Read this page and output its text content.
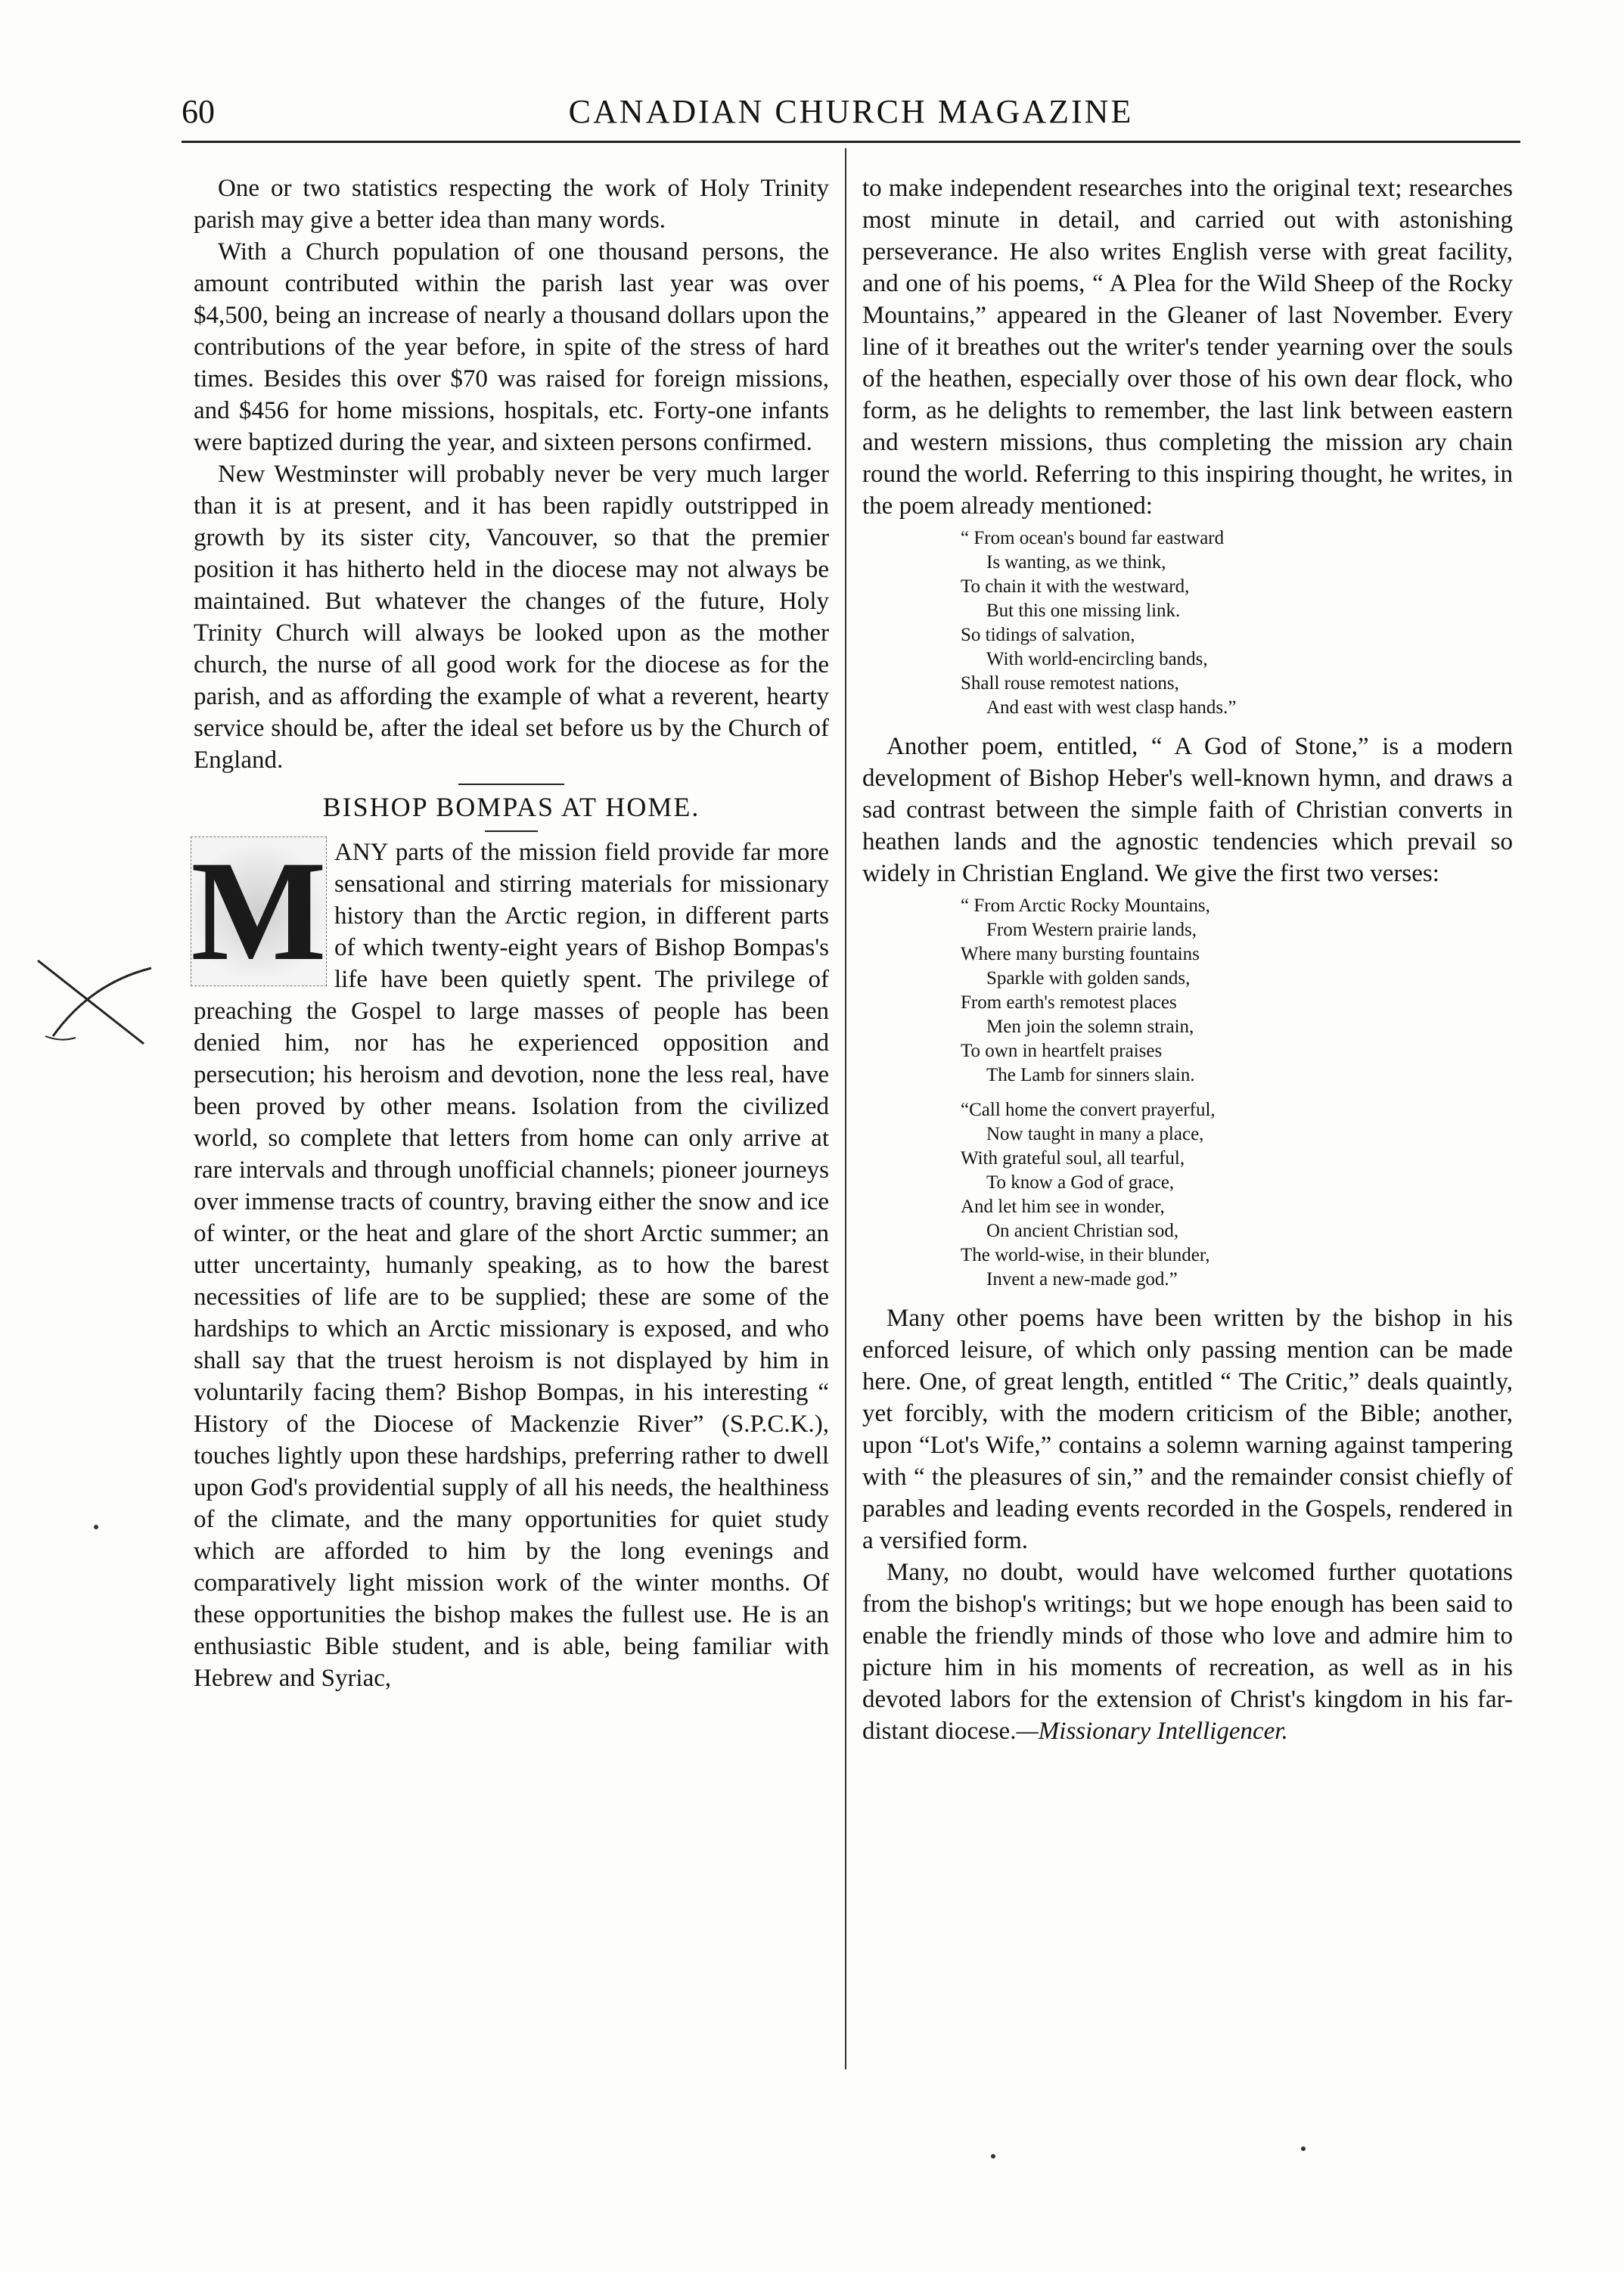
60	CANADIAN CHURCH MAGAZINE

One or two statistics respecting the work of Holy Trinity parish may give a better idea than many words.

With a Church population of one thousand persons, the amount contributed within the parish last year was over $4,500, being an increase of nearly a thousand dollars upon the contributions of the year before, in spite of the stress of hard times. Besides this over $70 was raised for foreign missions, and $456 for home missions, hospitals, etc. Forty-one infants were baptized during the year, and sixteen persons confirmed.

New Westminster will probably never be very much larger than it is at present, and it has been rapidly outstripped in growth by its sister city, Vancouver, so that the premier position it has hitherto held in the diocese may not always be maintained. But whatever the changes of the future, Holy Trinity Church will always be looked upon as the mother church, the nurse of all good work for the diocese as for the parish, and as affording the example of what a reverent, hearty service should be, after the ideal set before us by the Church of England.

BISHOP BOMPAS AT HOME.
M ANY parts of the mission field provide far more sensational and stirring materials for missionary history than the Arctic region, in different parts of which twenty-eight years of Bishop Bompas's life have been quietly spent. The privilege of preaching the Gospel to large masses of people has been denied him, nor has he experienced opposition and persecution; his heroism and devotion, none the less real, have been proved by other means. Isolation from the civilized world, so complete that letters from home can only arrive at rare intervals and through unofficial channels; pioneer journeys over immense tracts of country, braving either the snow and ice of winter, or the heat and glare of the short Arctic summer; an utter uncertainty, humanly speaking, as to how the barest necessities of life are to be supplied; these are some of the hardships to which an Arctic missionary is exposed, and who shall say that the truest heroism is not displayed by him in voluntarily facing them? Bishop Bompas, in his interesting “ History of the Diocese of Mackenzie River” (S.P.C.K.), touches lightly upon these hardships, preferring rather to dwell upon God's providential supply of all his needs, the healthiness of the climate, and the many opportunities for quiet study which are afforded to him by the long evenings and comparatively light mission work of the winter months. Of these opportunities the bishop makes the fullest use. He is an enthusiastic Bible student, and is able, being familiar with Hebrew and Syriac,

to make independent researches into the original text; researches most minute in detail, and carried out with astonishing perseverance. He also writes English verse with great facility, and one of his poems, “ A Plea for the Wild Sheep of the Rocky Mountains,” appeared in the Gleaner of last November. Every line of it breathes out the writer's tender yearning over the souls of the heathen, especially over those of his own dear flock, who form, as he delights to remember, the last link between eastern and western missions, thus completing the mission ary chain round the world. Referring to this inspiring thought, he writes, in the poem already mentioned:

“ From ocean's bound far eastward
Is wanting, as we think,
To chain it with the westward,
But this one missing link.
So tidings of salvation,
With world-encircling bands,
Shall rouse remotest nations,
And east with west clasp hands.”

Another poem, entitled, “ A God of Stone,” is a modern development of Bishop Heber's well-known hymn, and draws a sad contrast between the simple faith of Christian converts in heathen lands and the agnostic tendencies which prevail so widely in Christian England. We give the first two verses:

“ From Arctic Rocky Mountains,
From Western prairie lands,
Where many bursting fountains
Sparkle with golden sands,
From earth's remotest places
Men join the solemn strain,
To own in heartfelt praises
The Lamb for sinners slain.
“Call home the convert prayerful,
Now taught in many a place,
With grateful soul, all tearful,
To know a God of grace,
And let him see in wonder,
On ancient Christian sod,
The world-wise, in their blunder,
Invent a new-made god.”

Many other poems have been written by the bishop in his enforced leisure, of which only passing mention can be made here. One, of great length, entitled “ The Critic,” deals quaintly, yet forcibly, with the modern criticism of the Bible; another, upon “Lot's Wife,” contains a solemn warning against tampering with “ the pleasures of sin,” and the remainder consist chiefly of parables and leading events recorded in the Gospels, rendered in a versified form.

Many, no doubt, would have welcomed further quotations from the bishop's writings; but we hope enough has been said to enable the friendly minds of those who love and admire him to picture him in his moments of recreation, as well as in his devoted labors for the extension of Christ's kingdom in his far-distant diocese.—Missionary Intelligencer.
